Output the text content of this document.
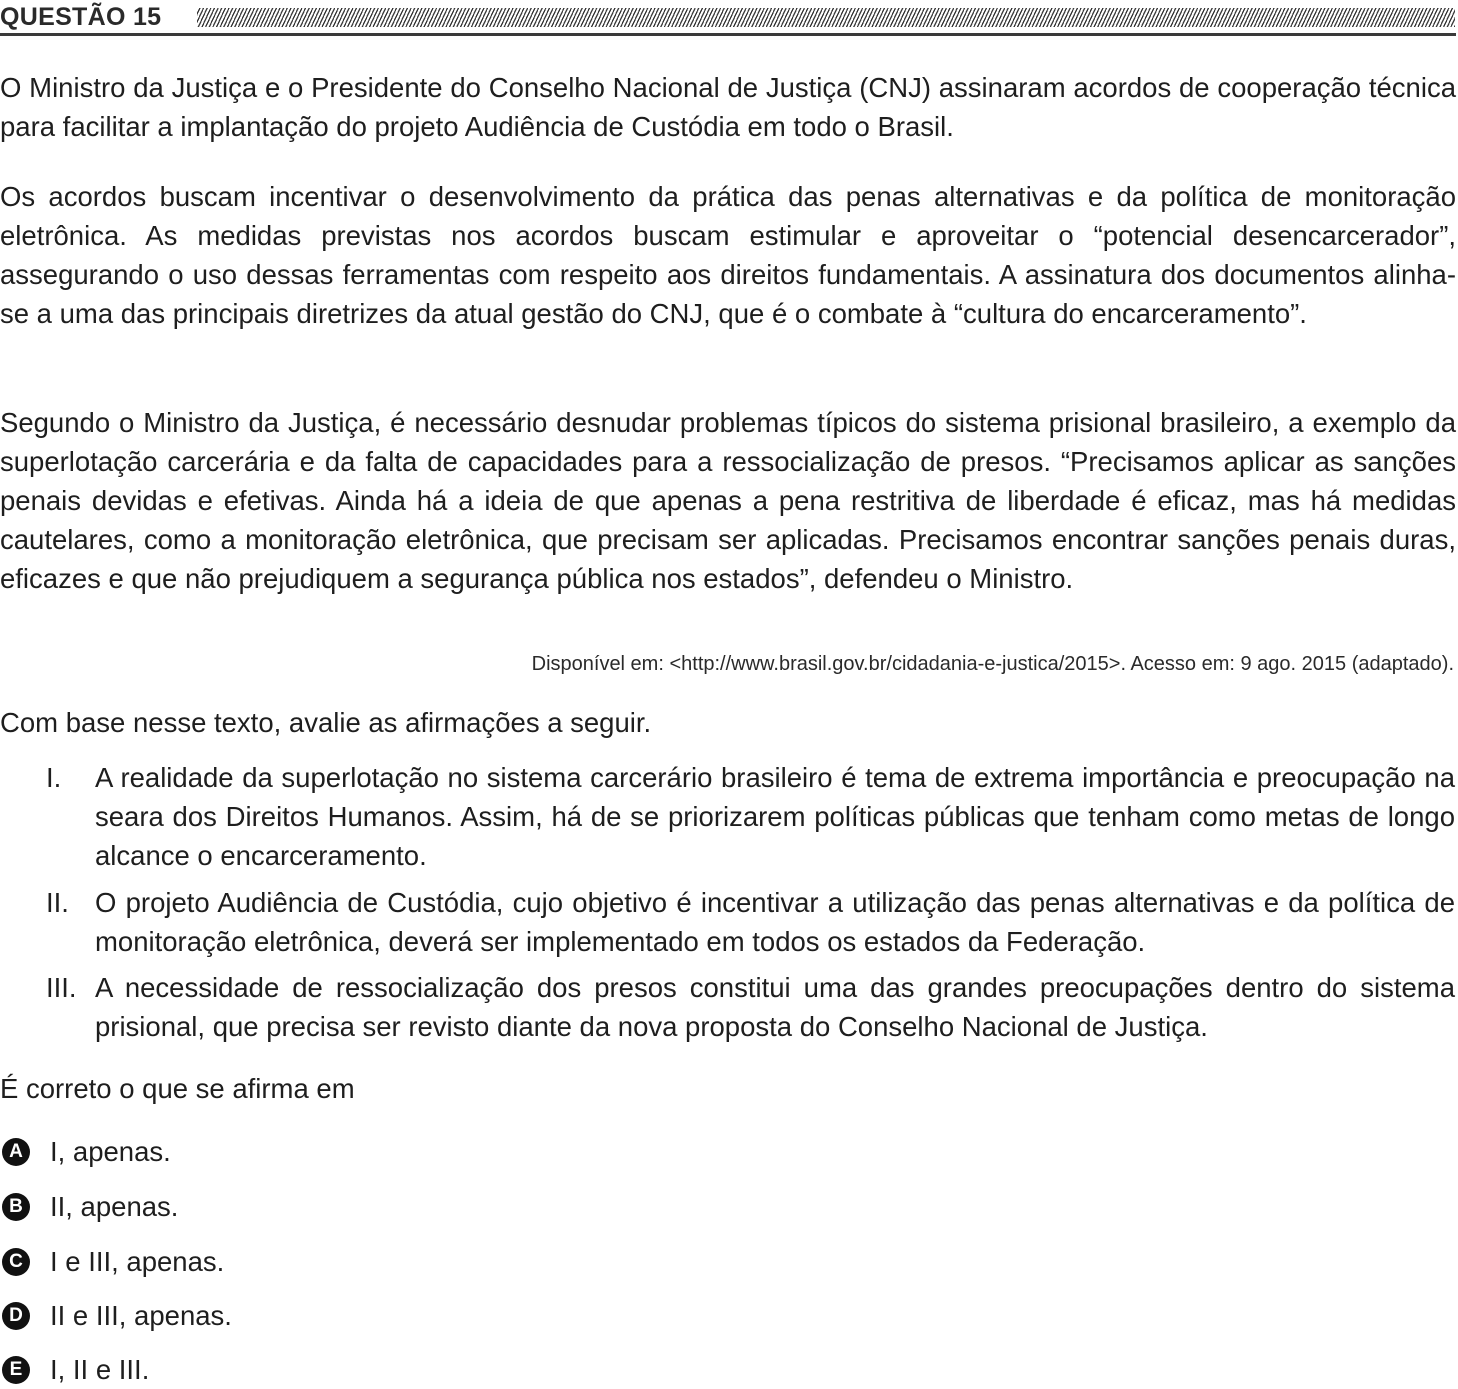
QUESTÃO 15

O Ministro da Justiça e o Presidente do Conselho Nacional de Justiça (CNJ) assinaram acordos de cooperação técnica para facilitar a implantação do projeto Audiência de Custódia em todo o Brasil.

Os acordos buscam incentivar o desenvolvimento da prática das penas alternativas e da política de monitoração eletrônica. As medidas previstas nos acordos buscam estimular e aproveitar o “potencial desencarcerador”, assegurando o uso dessas ferramentas com respeito aos direitos fundamentais. A assinatura dos documentos alinha-se a uma das principais diretrizes da atual gestão do CNJ, que é o combate à “cultura do encarceramento”.

Segundo o Ministro da Justiça, é necessário desnudar problemas típicos do sistema prisional brasileiro, a exemplo da superlotação carcerária e da falta de capacidades para a ressocialização de presos. “Precisamos aplicar as sanções penais devidas e efetivas. Ainda há a ideia de que apenas a pena restritiva de liberdade é eficaz, mas há medidas cautelares, como a monitoração eletrônica, que precisam ser aplicadas. Precisamos encontrar sanções penais duras, eficazes e que não prejudiquem a segurança pública nos estados”, defendeu o Ministro.

Disponível em: <http://www.brasil.gov.br/cidadania-e-justica/2015>. Acesso em: 9 ago. 2015 (adaptado).
Com base nesse texto, avalie as afirmações a seguir.
I. A realidade da superlotação no sistema carcerário brasileiro é tema de extrema importância e preocupação na seara dos Direitos Humanos. Assim, há de se priorizarem políticas públicas que tenham como metas de longo alcance o encarceramento.
II. O projeto Audiência de Custódia, cujo objetivo é incentivar a utilização das penas alternativas e da política de monitoração eletrônica, deverá ser implementado em todos os estados da Federação.
III. A necessidade de ressocialização dos presos constitui uma das grandes preocupações dentro do sistema prisional, que precisa ser revisto diante da nova proposta do Conselho Nacional de Justiça.
É correto o que se afirma em
A I, apenas.
B II, apenas.
C I e III, apenas.
D II e III, apenas.
E I, II e III.
